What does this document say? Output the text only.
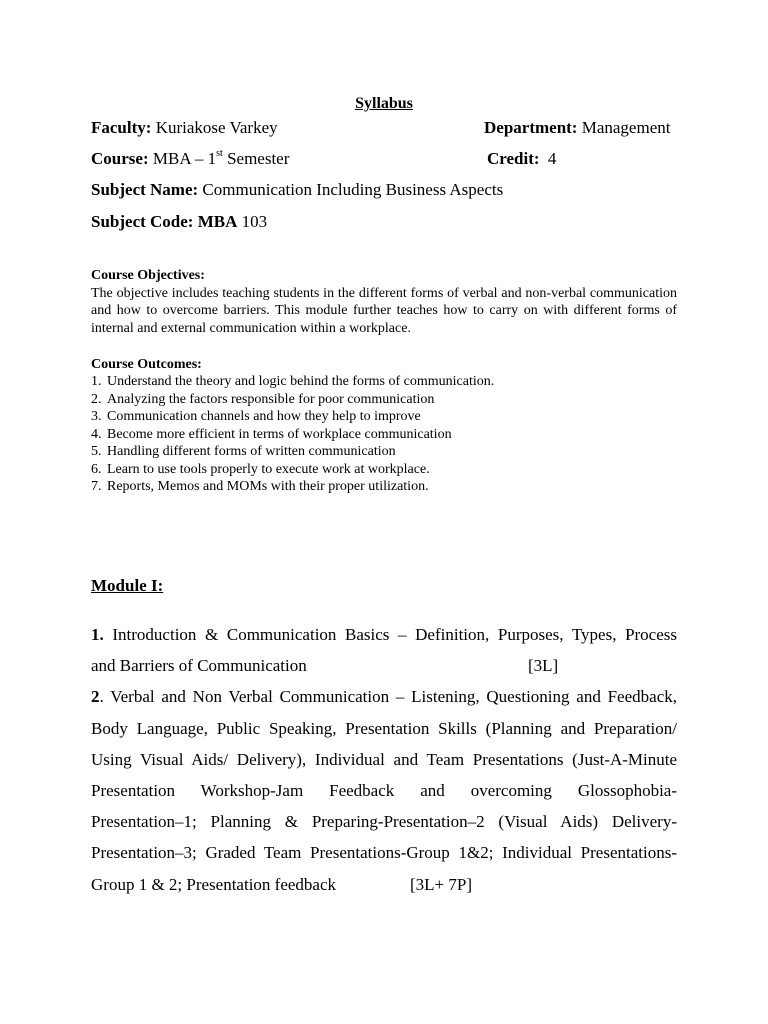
Syllabus
Faculty: Kuriakose Varkey	Department: Management
Course: MBA – 1st Semester	Credit: 4
Subject Name: Communication Including Business Aspects
Subject Code: MBA 103
Course Objectives:
The objective includes teaching students in the different forms of verbal and non-verbal communication and how to overcome barriers. This module further teaches how to carry on with different forms of internal and external communication within a workplace.
Course Outcomes:
1. Understand the theory and logic behind the forms of communication.
2. Analyzing the factors responsible for poor communication
3. Communication channels and how they help to improve
4. Become more efficient in terms of workplace communication
5. Handling different forms of written communication
6. Learn to use tools properly to execute work at workplace.
7. Reports, Memos and MOMs with their proper utilization.
Module I:
1. Introduction & Communication Basics – Definition, Purposes, Types, Process
and Barriers of Communication	[3L]
2. Verbal and Non Verbal Communication – Listening, Questioning and Feedback,
Body Language, Public Speaking, Presentation Skills (Planning and Preparation/
Using Visual Aids/ Delivery), Individual and Team Presentations (Just-A-Minute
Presentation Workshop-Jam Feedback and overcoming Glossophobia-
Presentation–1; Planning & Preparing-Presentation–2 (Visual Aids) Delivery-
Presentation–3; Graded Team Presentations-Group 1&2; Individual Presentations-
Group 1 & 2; Presentation feedback	[3L+ 7P]
